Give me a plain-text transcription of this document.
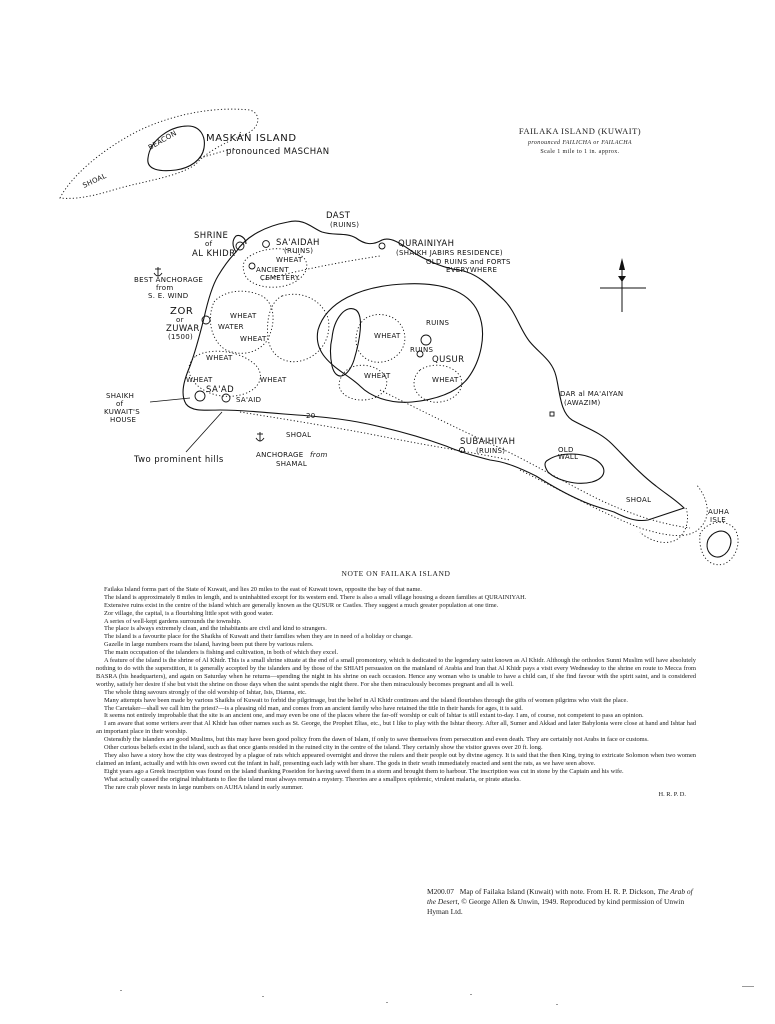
MASKÁN ISLAND
pronounced MASCHAN
BEACON
SHOAL
DAST
(RUINS)
SHRINE
of
AL KHIDR
SA'AIDAH
(RUINS)
WHEAT
ANCIENT
CEMETERY
QURAINIYAH
(SHAIKH JABIRS RESIDENCE)
OLD RUINS and FORTS
EVERYWHERE
BEST ANCHORAGE
from
S. E. WIND
ZOR
or
ZUWAR
(1500)
WATER
WHEAT
WHEAT
WHEAT
WHEAT	WHEAT
WHEAT
WHEAT	WHEAT
RUINS
RUINS
QUSUR
SA'AD
SA'AID
SHAIKH
of
KUWAIT'S
HOUSE	20
SHOAL
Two prominent hills	ANCHORAGE from
SHAMAL
SUBAIHIYAH
(RUINS)
DAR al MA'AIYAN
(AWAZIM)
OLD
WALL
SHOAL
AUHA
ISLE
FAILAKA ISLAND (KUWAIT)
pronounced FAILICHA or FAILACHA
Scale 1 mile to 1 in. approx.
NOTE ON FAILAKA ISLAND

Failaka Island forms part of the State of Kuwait, and lies 20 miles to the east of Kuwait town, opposite the bay of that name.

The island is approximately 8 miles in length, and is uninhabited except for its western end. There is also a small village housing a dozen families at QURAINIYAH.

Extensive ruins exist in the centre of the island which are generally known as the QUSUR or Castles. They suggest a much greater population at one time.

Zor village, the capital, is a flourishing little spot with good water.

A series of well-kept gardens surrounds the township.

The place is always extremely clean, and the inhabitants are civil and kind to strangers.

The island is a favourite place for the Shaikhs of Kuwait and their families when they are in need of a holiday or change.

Gazelle in large numbers roam the island, having been put there by various rulers.

The main occupation of the islanders is fishing and cultivation, in both of which they excel.

A feature of the island is the shrine of Al Khidr. This is a small shrine situate at the end of a small promontory, which is dedicated to the legendary saint known as Al Khidr. Although the orthodox Sunni Muslim will have absolutely nothing to do with the superstition, it is generally accepted by the islanders and by those of the SHIAH persuasion on the mainland of Arabia and Iran that Al Khidr pays a visit every Wednesday to the shrine en route to Mecca from BASRA (his headquarters), and again on Saturday when he returns—spending the night in his shrine on each occasion. Hence any woman who is unable to have a child can, if she find favour with the spirit saint, and is considered worthy, satisfy her desire if she but visit the shrine on those days when the saint spends the night there. For she then miraculously becomes pregnant and all is well.

The whole thing savours strongly of the old worship of Ishtar, Isis, Dianna, etc.

Many attempts have been made by various Shaikhs of Kuwait to forbid the pilgrimage, but the belief in Al Khidr continues and the island flourishes through the gifts of women pilgrims who visit the place.

The Caretaker—shall we call him the priest?—is a pleasing old man, and comes from an ancient family who have retained the title in their hands for ages, it is said.

It seems not entirely improbable that the site is an ancient one, and may even be one of the places where the far-off worship or cult of Ishtar is still extant to-day. I am, of course, not competent to pass an opinion.

I am aware that some writers aver that Al Khidr has other names such as St. George, the Prophet Elias, etc., but I like to play with the Ishtar theory. After all, Sumer and Akkad and later Babylonia were close at hand and Ishtar had an important place in their worship.

Ostensibly the islanders are good Muslims, but this may have been good policy from the dawn of Islam, if only to save themselves from persecution and even death. They are certainly not Arabs in face or customs.

Other curious beliefs exist in the island, such as that once giants resided in the ruined city in the centre of the island. They certainly show the visitor graves over 20 ft. long.

They also have a story how the city was destroyed by a plague of rats which appeared overnight and drove the rulers and their people out by divine agency. It is said that the then King, trying to extricate Solomon when two women claimed an infant, actually and with his own sword cut the infant in half, presenting each lady with her share. The gods in their wrath immediately reacted and sent the rats, as we have seen above.

Eight years ago a Greek inscription was found on the island thanking Poseidon for having saved them in a storm and brought them to harbour. The inscription was cut in stone by the Captain and his wife.

What actually caused the original inhabitants to flee the island must always remain a mystery. Theories are a smallpox epidemic, virulent malaria, or pirate attacks.

The rare crab plover nests in large numbers on AUHA island in early summer.

H. R. P. D.

M200.07 Map of Failaka Island (Kuwait) with note. From H. R. P. Dickson, The Arab of the Desert, © George Allen & Unwin, 1949. Reproduced by kind permission of Unwin Hyman Ltd.
